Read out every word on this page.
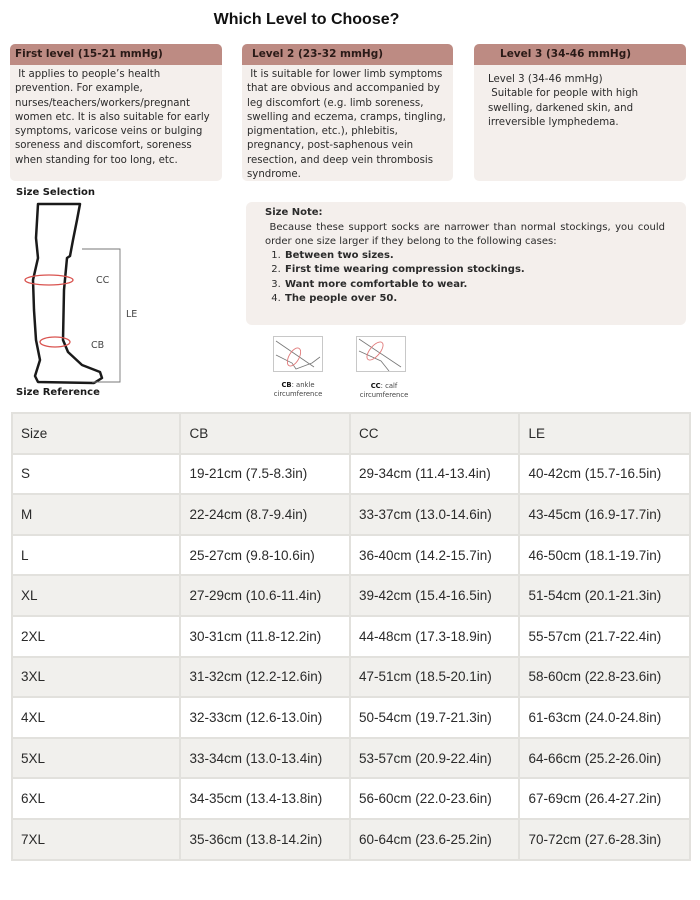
Which Level to Choose?
First level (15-21 mmHg)
It applies to people’s health prevention. For example, nurses/teachers/workers/pregnant women etc. It is also suitable for early symptoms, varicose veins or bulging soreness and discomfort, soreness when standing for too long, etc.
Level 2 (23-32 mmHg)
It is suitable for lower limb symptoms that are obvious and accompanied by leg discomfort (e.g. limb soreness, swelling and eczema, cramps, tingling, pigmentation, etc.), phlebitis, pregnancy, post-saphenous vein resection, and deep vein thrombosis syndrome.
Level 3 (34-46 mmHg)
Level 3 (34-46 mmHg)
Suitable for people with high swelling, darkened skin, and irreversible lymphedema.
Size Selection
CC
CB
LE
Size Reference
Size Note:
Because these support socks are narrower than normal stockings, you could order one size larger if they belong to the following cases:
1. Between two sizes.
2. First time wearing compression stockings.
3. Want more comfortable to wear.
4. The people over 50.
CB: ankle
circumference
CC: calf
circumference
Size	CB	CC	LE
S	19-21cm (7.5-8.3in)	29-34cm (11.4-13.4in)	40-42cm (15.7-16.5in)
M	22-24cm (8.7-9.4in)	33-37cm (13.0-14.6in)	43-45cm (16.9-17.7in)
L	25-27cm (9.8-10.6in)	36-40cm (14.2-15.7in)	46-50cm (18.1-19.7in)
XL	27-29cm (10.6-11.4in)	39-42cm (15.4-16.5in)	51-54cm (20.1-21.3in)
2XL	30-31cm (11.8-12.2in)	44-48cm (17.3-18.9in)	55-57cm (21.7-22.4in)
3XL	31-32cm (12.2-12.6in)	47-51cm (18.5-20.1in)	58-60cm (22.8-23.6in)
4XL	32-33cm (12.6-13.0in)	50-54cm (19.7-21.3in)	61-63cm (24.0-24.8in)
5XL	33-34cm (13.0-13.4in)	53-57cm (20.9-22.4in)	64-66cm (25.2-26.0in)
6XL	34-35cm (13.4-13.8in)	56-60cm (22.0-23.6in)	67-69cm (26.4-27.2in)
7XL	35-36cm (13.8-14.2in)	60-64cm (23.6-25.2in)	70-72cm (27.6-28.3in)
